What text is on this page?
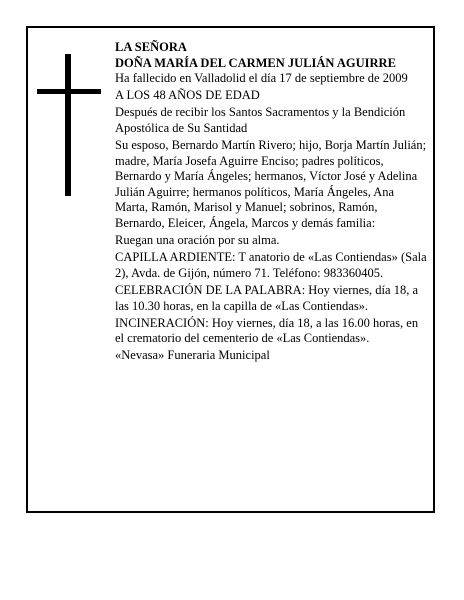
LA SEÑORA

DOÑA MARÍA DEL CARMEN JULIÁN AGUIRRE

Ha fallecido en Valladolid el día 17 de septiembre de 2009

A LOS 48 AÑOS DE EDAD

Después de recibir los Santos Sacramentos y la Bendición Apostólica de Su Santidad

Su esposo, Bernardo Martín Rivero; hijo, Borja Martín Julián; madre, María Josefa Aguirre Enciso; padres políticos, Bernardo y María Ángeles; hermanos, Víctor José y Adelina Julián Aguirre; hermanos políticos, María Ángeles, Ana Marta, Ramón, Marisol y Manuel; sobrinos, Ramón, Bernardo, Eleicer, Ángela, Marcos y demás familia:

Ruegan una oración por su alma.

CAPILLA ARDIENTE: T anatorio de «Las Contiendas» (Sala 2), Avda. de Gijón, número 71. Teléfono: 983360405.

CELEBRACIÓN DE LA PALABRA: Hoy viernes, día 18, a las 10.30 horas, en la capilla de «Las Contiendas».

INCINERACIÓN: Hoy viernes, día 18, a las 16.00 horas, en el crematorio del cementerio de «Las Contiendas».

«Nevasa» Funeraria Municipal
